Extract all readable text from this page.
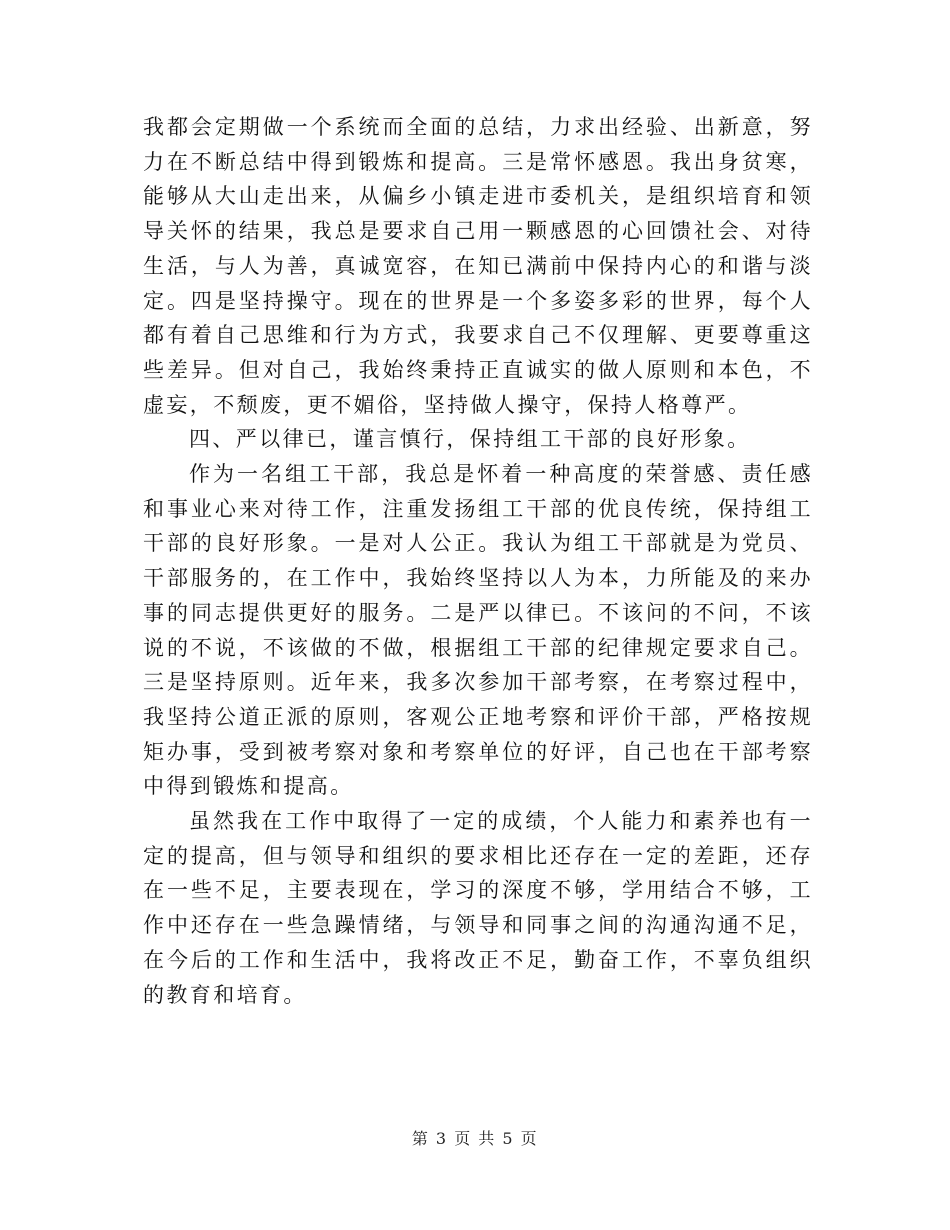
我都会定期做一个系统而全面的总结，力求出经验、出新意，努力在不断总结中得到锻炼和提高。三是常怀感恩。我出身贫寒，能够从大山走出来，从偏乡小镇走进市委机关，是组织培育和领导关怀的结果，我总是要求自己用一颗感恩的心回馈社会、对待生活，与人为善，真诚宽容，在知已满前中保持内心的和谐与淡定。四是坚持操守。现在的世界是一个多姿多彩的世界，每个人都有着自己思维和行为方式，我要求自己不仅理解、更要尊重这些差异。但对自己，我始终秉持正直诚实的做人原则和本色，不虚妄，不颓废，更不媚俗，坚持做人操守，保持人格尊严。

四、严以律已，谨言慎行，保持组工干部的良好形象。

作为一名组工干部，我总是怀着一种高度的荣誉感、责任感和事业心来对待工作，注重发扬组工干部的优良传统，保持组工干部的良好形象。一是对人公正。我认为组工干部就是为党员、干部服务的，在工作中，我始终坚持以人为本，力所能及的来办事的同志提供更好的服务。二是严以律已。不该问的不问，不该说的不说，不该做的不做，根据组工干部的纪律规定要求自己。三是坚持原则。近年来，我多次参加干部考察，在考察过程中，我坚持公道正派的原则，客观公正地考察和评价干部，严格按规矩办事，受到被考察对象和考察单位的好评，自己也在干部考察中得到锻炼和提高。

虽然我在工作中取得了一定的成绩，个人能力和素养也有一定的提高，但与领导和组织的要求相比还存在一定的差距，还存在一些不足，主要表现在，学习的深度不够，学用结合不够，工作中还存在一些急躁情绪，与领导和同事之间的沟通沟通不足，在今后的工作和生活中，我将改正不足，勤奋工作，不辜负组织的教育和培育。

第 3 页 共 5 页
